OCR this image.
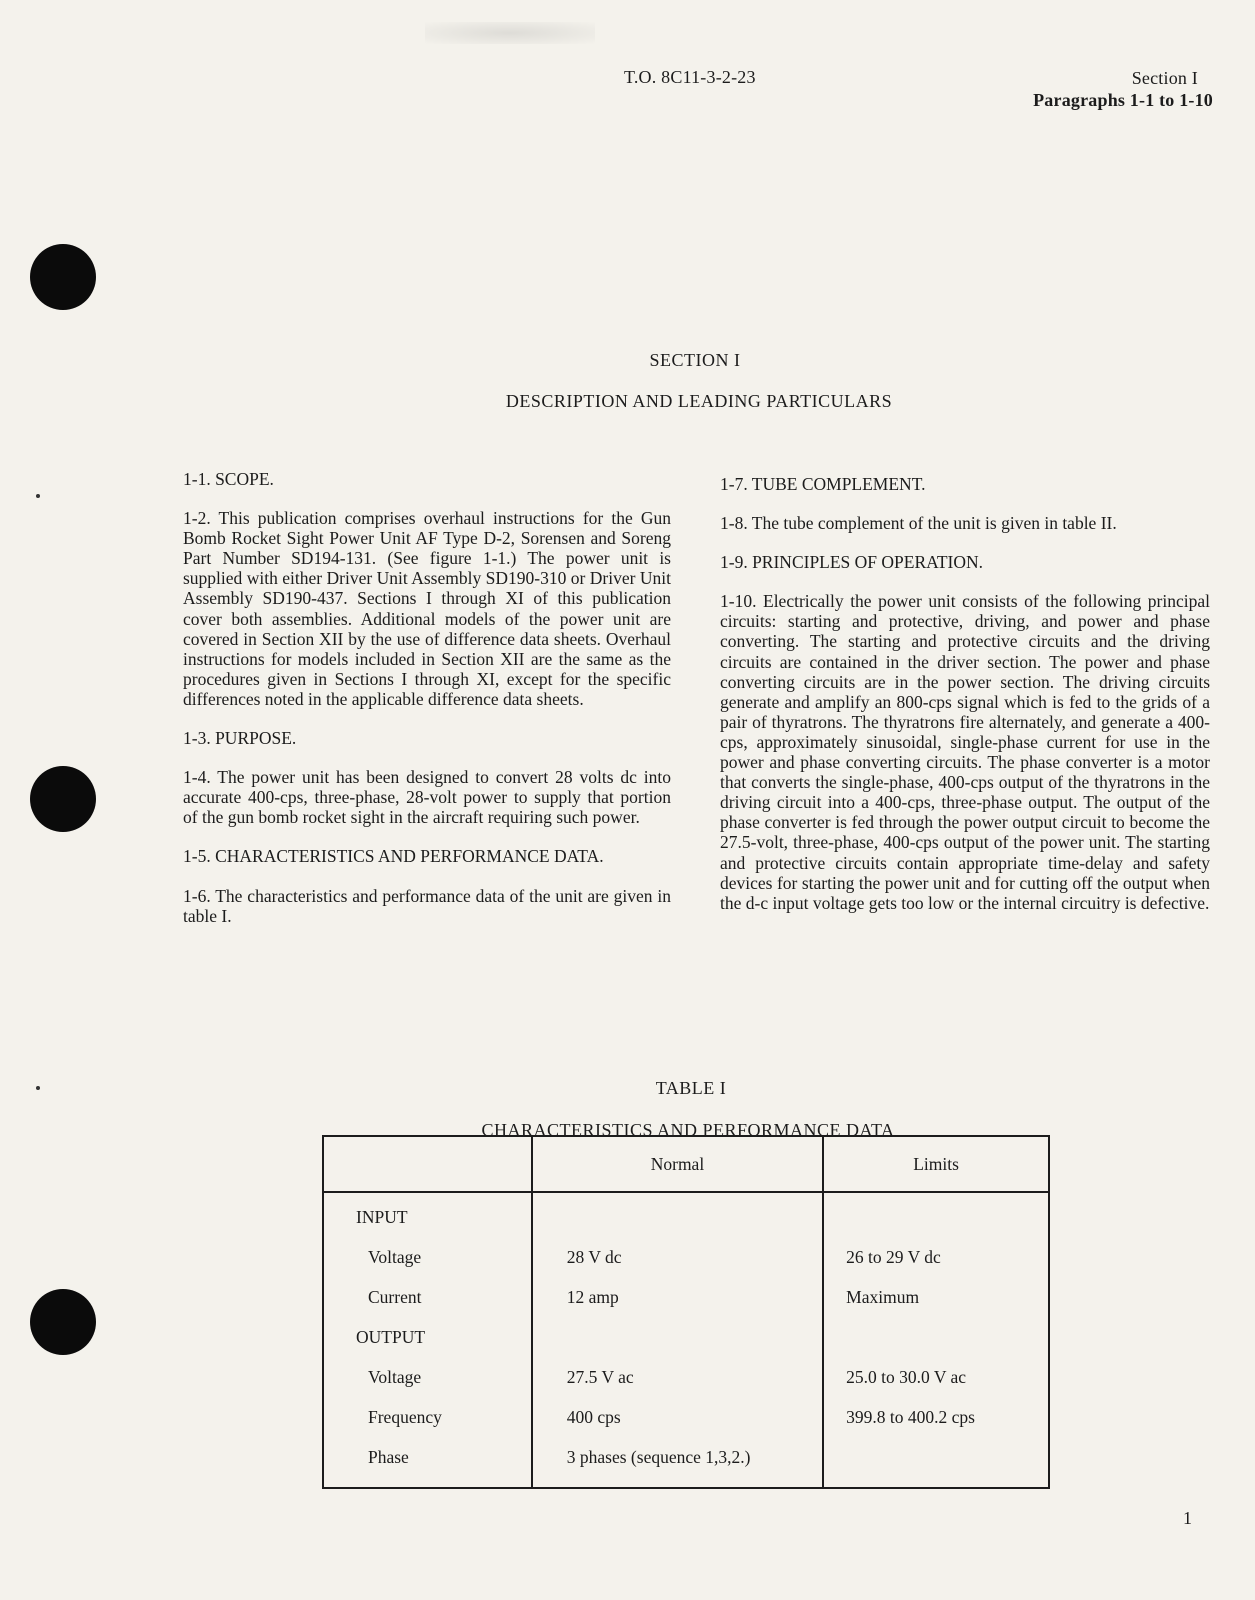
T.O. 8C11-3-2-23	Section I
Paragraphs 1-1 to 1-10
SECTION I
DESCRIPTION AND LEADING PARTICULARS

1-1. SCOPE.

1-2. This publication comprises overhaul instructions for the Gun Bomb Rocket Sight Power Unit AF Type D-2, Sorensen and Soreng Part Number SD194-131. (See figure 1-1.) The power unit is supplied with either Driver Unit Assembly SD190-310 or Driver Unit Assembly SD190-437. Sections I through XI of this publication cover both assemblies. Additional models of the power unit are covered in Section XII by the use of difference data sheets. Overhaul instructions for models included in Section XII are the same as the procedures given in Sections I through XI, except for the specific differences noted in the applicable difference data sheets.

1-3. PURPOSE.

1-4. The power unit has been designed to convert 28 volts dc into accurate 400-cps, three-phase, 28-volt power to supply that portion of the gun bomb rocket sight in the aircraft requiring such power.

1-5. CHARACTERISTICS AND PERFORMANCE DATA.

1-6. The characteristics and performance data of the unit are given in table I.

1-7. TUBE COMPLEMENT.

1-8. The tube complement of the unit is given in table II.

1-9. PRINCIPLES OF OPERATION.

1-10. Electrically the power unit consists of the following principal circuits: starting and protective, driving, and power and phase converting. The starting and protective circuits and the driving circuits are contained in the driver section. The power and phase converting circuits are in the power section. The driving circuits generate and amplify an 800-cps signal which is fed to the grids of a pair of thyratrons. The thyratrons fire alternately, and generate a 400-cps, approximately sinusoidal, single-phase current for use in the power and phase converting circuits. The phase converter is a motor that converts the single-phase, 400-cps output of the thyratrons in the driving circuit into a 400-cps, three-phase output. The output of the phase converter is fed through the power output circuit to become the 27.5-volt, three-phase, 400-cps output of the power unit. The starting and protective circuits contain appropriate time-delay and safety devices for starting the power unit and for cutting off the output when the d-c input voltage gets too low or the internal circuitry is defective.

TABLE I
CHARACTERISTICS AND PERFORMANCE DATA
	Normal	Limits
INPUT		
Voltage	28 V dc	26 to 29 V dc
Current	12 amp	Maximum
OUTPUT		
Voltage	27.5 V ac	25.0 to 30.0 V ac
Frequency	400 cps	399.8 to 400.2 cps
Phase	3 phases (sequence 1,3,2.)	
1
